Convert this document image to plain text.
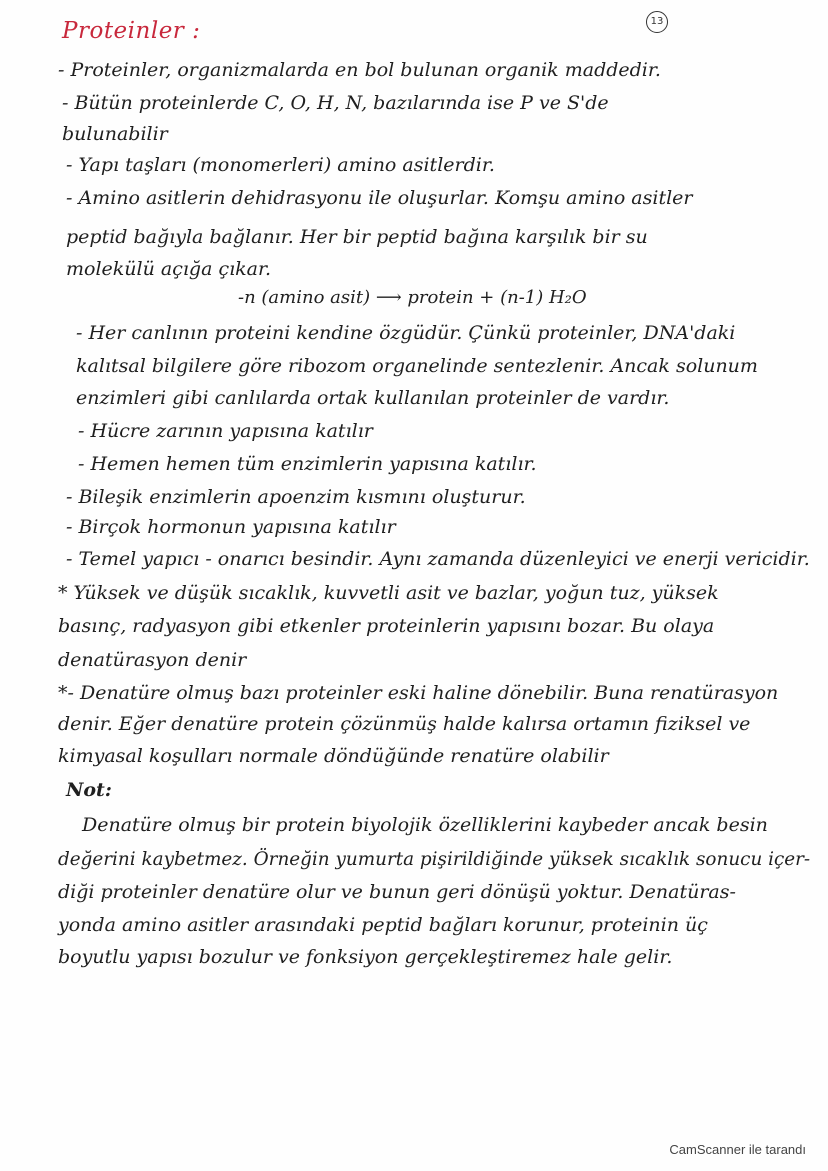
Proteinler :	13
- Proteinler, organizmalarda en bol bulunan organik maddedir.
- Bütün proteinlerde C, O, H, N, bazılarında ise P ve S'de
bulunabilir
- Yapı taşları (monomerleri) amino asitlerdir.
- Amino asitlerin dehidrasyonu ile oluşurlar. Komşu amino asitler
peptid bağıyla bağlanır. Her bir peptid bağına karşılık bir su
molekülü açığa çıkar.
-n (amino asit) ⟶ protein + (n-1) H₂O
- Her canlının proteini kendine özgüdür. Çünkü proteinler, DNA'daki
kalıtsal bilgilere göre ribozom organelinde sentezlenir. Ancak solunum
enzimleri gibi canlılarda ortak kullanılan proteinler de vardır.
- Hücre zarının yapısına katılır
- Hemen hemen tüm enzimlerin yapısına katılır.
- Bileşik enzimlerin apoenzim kısmını oluşturur.
- Birçok hormonun yapısına katılır
- Temel yapıcı - onarıcı besindir. Aynı zamanda düzenleyici ve enerji vericidir.
* Yüksek ve düşük sıcaklık, kuvvetli asit ve bazlar, yoğun tuz, yüksek
basınç, radyasyon gibi etkenler proteinlerin yapısını bozar. Bu olaya
denatürasyon denir
*- Denatüre olmuş bazı proteinler eski haline dönebilir. Buna renatürasyon
denir. Eğer denatüre protein çözünmüş halde kalırsa ortamın fiziksel ve
kimyasal koşulları normale döndüğünde renatüre olabilir
Not:
Denatüre olmuş bir protein biyolojik özelliklerini kaybeder ancak besin
değerini kaybetmez. Örneğin yumurta pişirildiğinde yüksek sıcaklık sonucu içer-
diği proteinler denatüre olur ve bunun geri dönüşü yoktur. Denatüras-
yonda amino asitler arasındaki peptid bağları korunur, proteinin üç
boyutlu yapısı bozulur ve fonksiyon gerçekleştiremez hale gelir.
CamScanner ile tarandı
